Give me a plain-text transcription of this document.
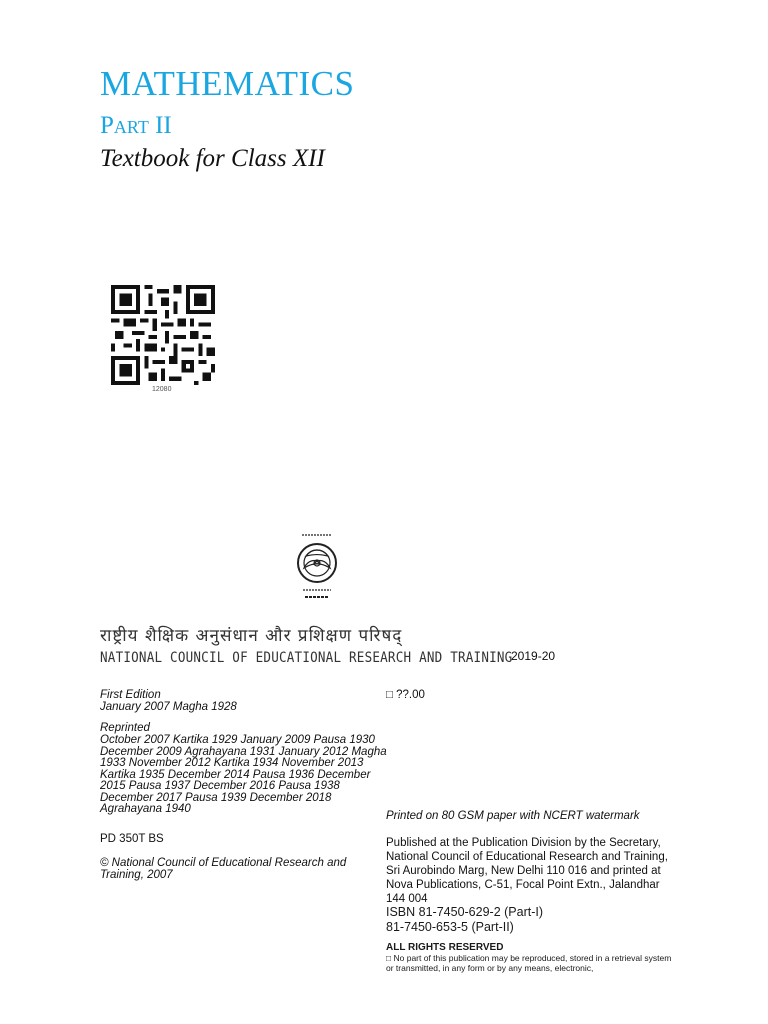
MATHEMATICS
PART II
Textbook for Class XII
12080
राष्ट्रीय शैक्षिक अनुसंधान और प्रशिक्षण परिषद्
NATIONAL COUNCIL OF EDUCATIONAL RESEARCH AND TRAINING
2019-20
First Edition
January 2007 Magha 1928
Reprinted
October 2007 Kartika 1929 January 2009 Pausa 1930 December 2009 Agrahayana 1931 January 2012 Magha 1933 November 2012 Kartika 1934 November 2013 Kartika 1935 December 2014 Pausa 1936 December 2015 Pausa 1937 December 2016 Pausa 1938 December 2017 Pausa 1939 December 2018 Agrahayana 1940
PD 350T BS
© National Council of Educational Research and Training, 2007
□ ??.00
Printed on 80 GSM paper with NCERT watermark
Published at the Publication Division by the Secretary, National Council of Educational Research and Training, Sri Aurobindo Marg, New Delhi 110 016 and printed at Nova Publications, C-51, Focal Point Extn., Jalandhar 144 004
ISBN 81-7450-629-2 (Part-I)
81-7450-653-5 (Part-II)
ALL RIGHTS RESERVED
□ No part of this publication may be reproduced, stored in a retrieval system or transmitted, in any form or by any means, electronic,
